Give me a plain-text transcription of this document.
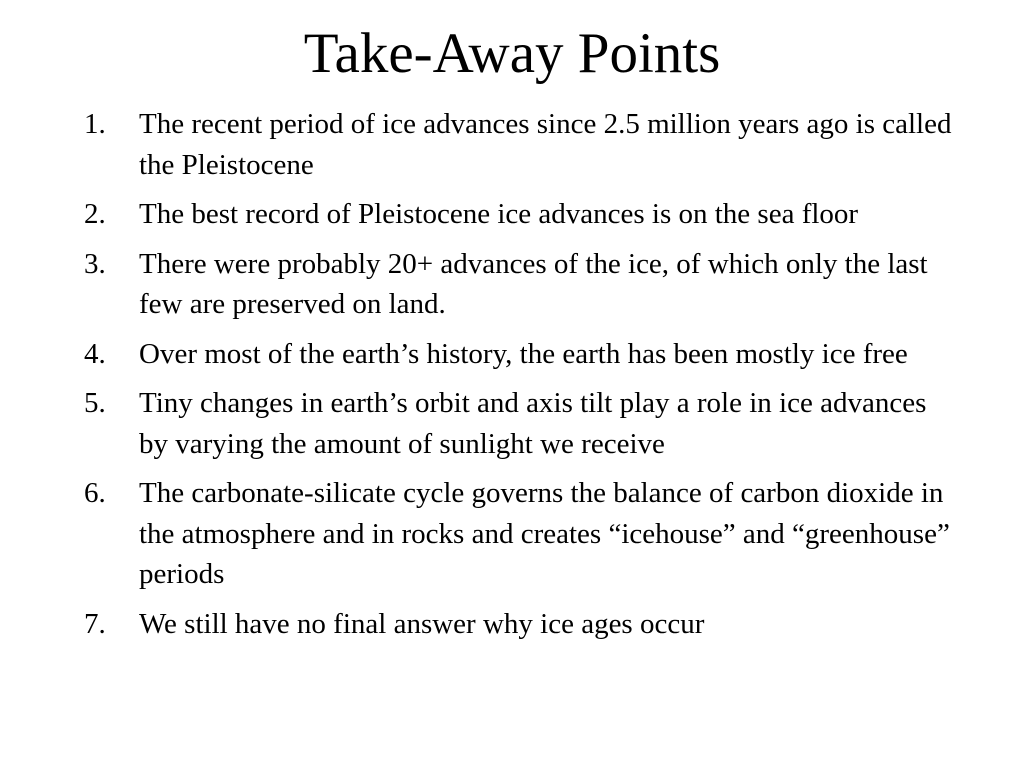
Take-Away Points
1. The recent period of ice advances since 2.5 million years ago is called the Pleistocene
2. The best record of Pleistocene ice advances is on the sea floor
3. There were probably 20+ advances of the ice, of which only the last few are preserved on land.
4. Over most of the earth’s history, the earth has been mostly ice free
5. Tiny changes in earth’s orbit and axis tilt play a role in ice advances by varying the amount of sunlight we receive
6. The carbonate-silicate cycle governs the balance of carbon dioxide in the atmosphere and in rocks and creates “icehouse” and “greenhouse” periods
7. We still have no final answer why ice ages occur
